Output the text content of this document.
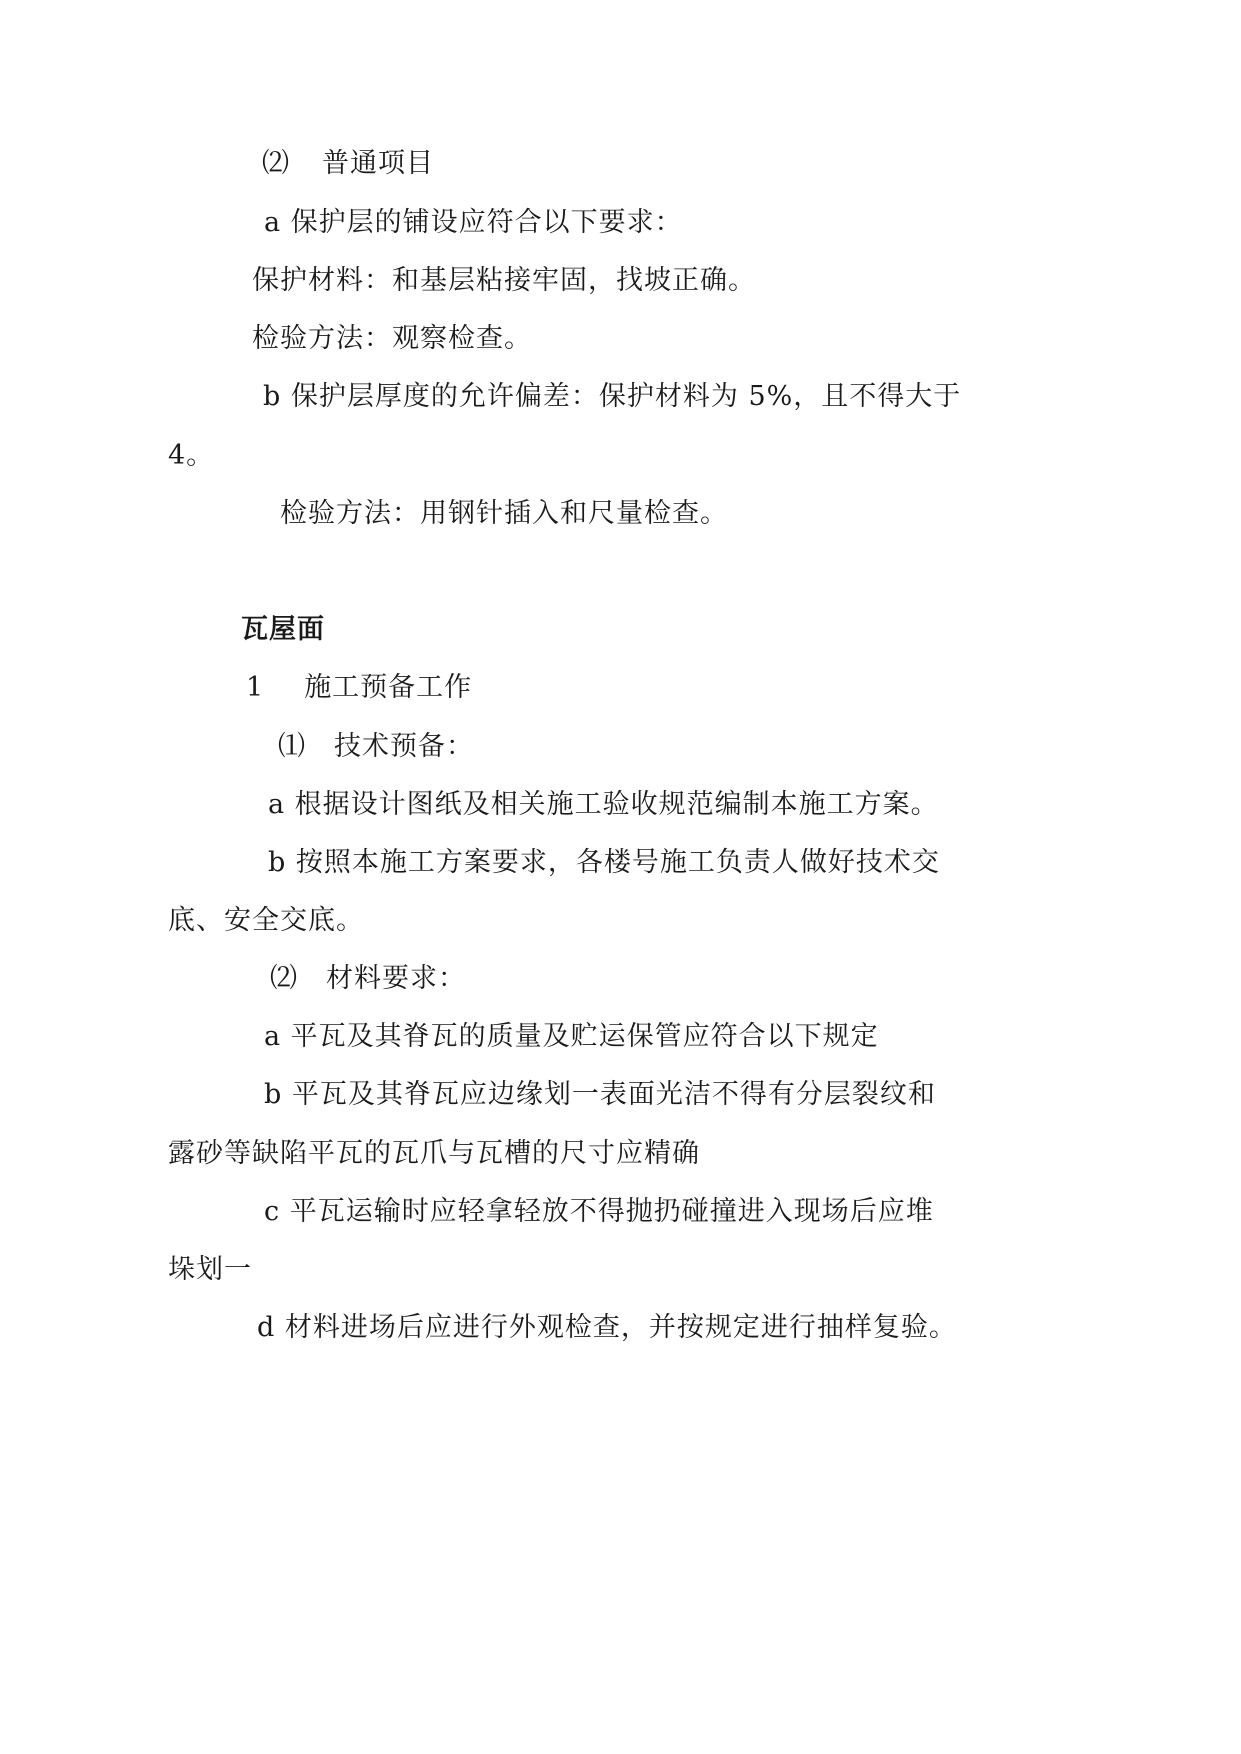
⑵ 普通项目
a 保护层的铺设应符合以下要求：
保护材料：和基层粘接牢固，找坡正确。
检验方法：观察检查。
b 保护层厚度的允许偏差：保护材料为 5%，且不得大于
4。
检验方法：用钢针插入和尺量检查。
瓦屋面
1 施工预备工作
⑴ 技术预备：
a 根据设计图纸及相关施工验收规范编制本施工方案。
b 按照本施工方案要求，各楼号施工负责人做好技术交
底、安全交底。
⑵ 材料要求：
a 平瓦及其脊瓦的质量及贮运保管应符合以下规定
b 平瓦及其脊瓦应边缘划一表面光洁不得有分层裂纹和
露砂等缺陷平瓦的瓦爪与瓦槽的尺寸应精确
c 平瓦运输时应轻拿轻放不得抛扔碰撞进入现场后应堆
垛划一
d 材料进场后应进行外观检查，并按规定进行抽样复验。
